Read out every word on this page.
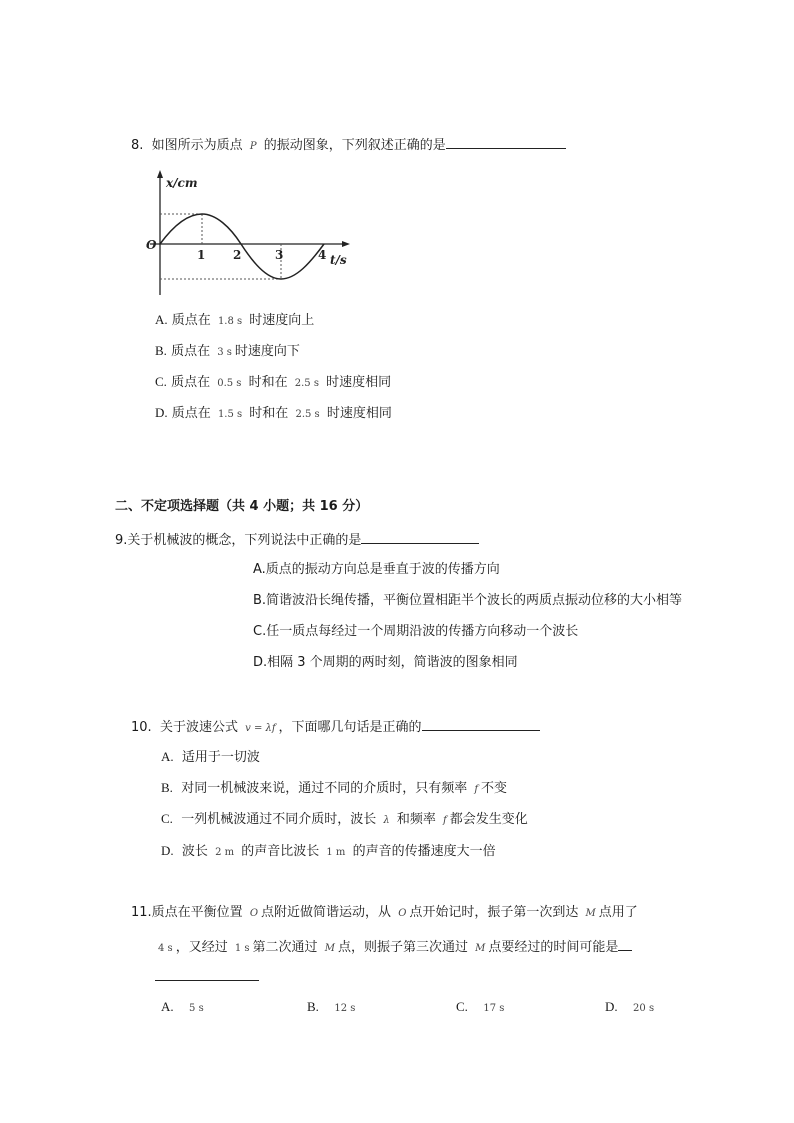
8. 如图所示为质点 P 的振动图象，下列叙述正确的是
x/cm
O
1 2	3	4 t/s
A. 质点在 1.8 s 时速度向上
B. 质点在 3 s 时速度向下
C. 质点在 0.5 s 时和在 2.5 s 时速度相同
D. 质点在 1.5 s 时和在 2.5 s 时速度相同
二、不定项选择题（共 4 小题；共 16 分）
9.关于机械波的概念，下列说法中正确的是
A.质点的振动方向总是垂直于波的传播方向
B.简谐波沿长绳传播，平衡位置相距半个波长的两质点振动位移的大小相等
C.任一质点每经过一个周期沿波的传播方向移动一个波长
D.相隔 3 个周期的两时刻，简谐波的图象相同
10. 关于波速公式 v = λf ，下面哪几句话是正确的
A. 适用于一切波
B. 对同一机械波来说，通过不同的介质时，只有频率 f 不变
C. 一列机械波通过不同介质时，波长 λ 和频率 f 都会发生变化
D. 波长 2 m 的声音比波长 1 m 的声音的传播速度大一倍
11.质点在平衡位置 O 点附近做简谐运动，从 O 点开始记时，振子第一次到达 M 点用了
4 s ，又经过 1 s 第二次通过 M 点，则振子第三次通过 M 点要经过的时间可能是
A. 5 s	B. 12 s	C. 17 s	D. 20 s
